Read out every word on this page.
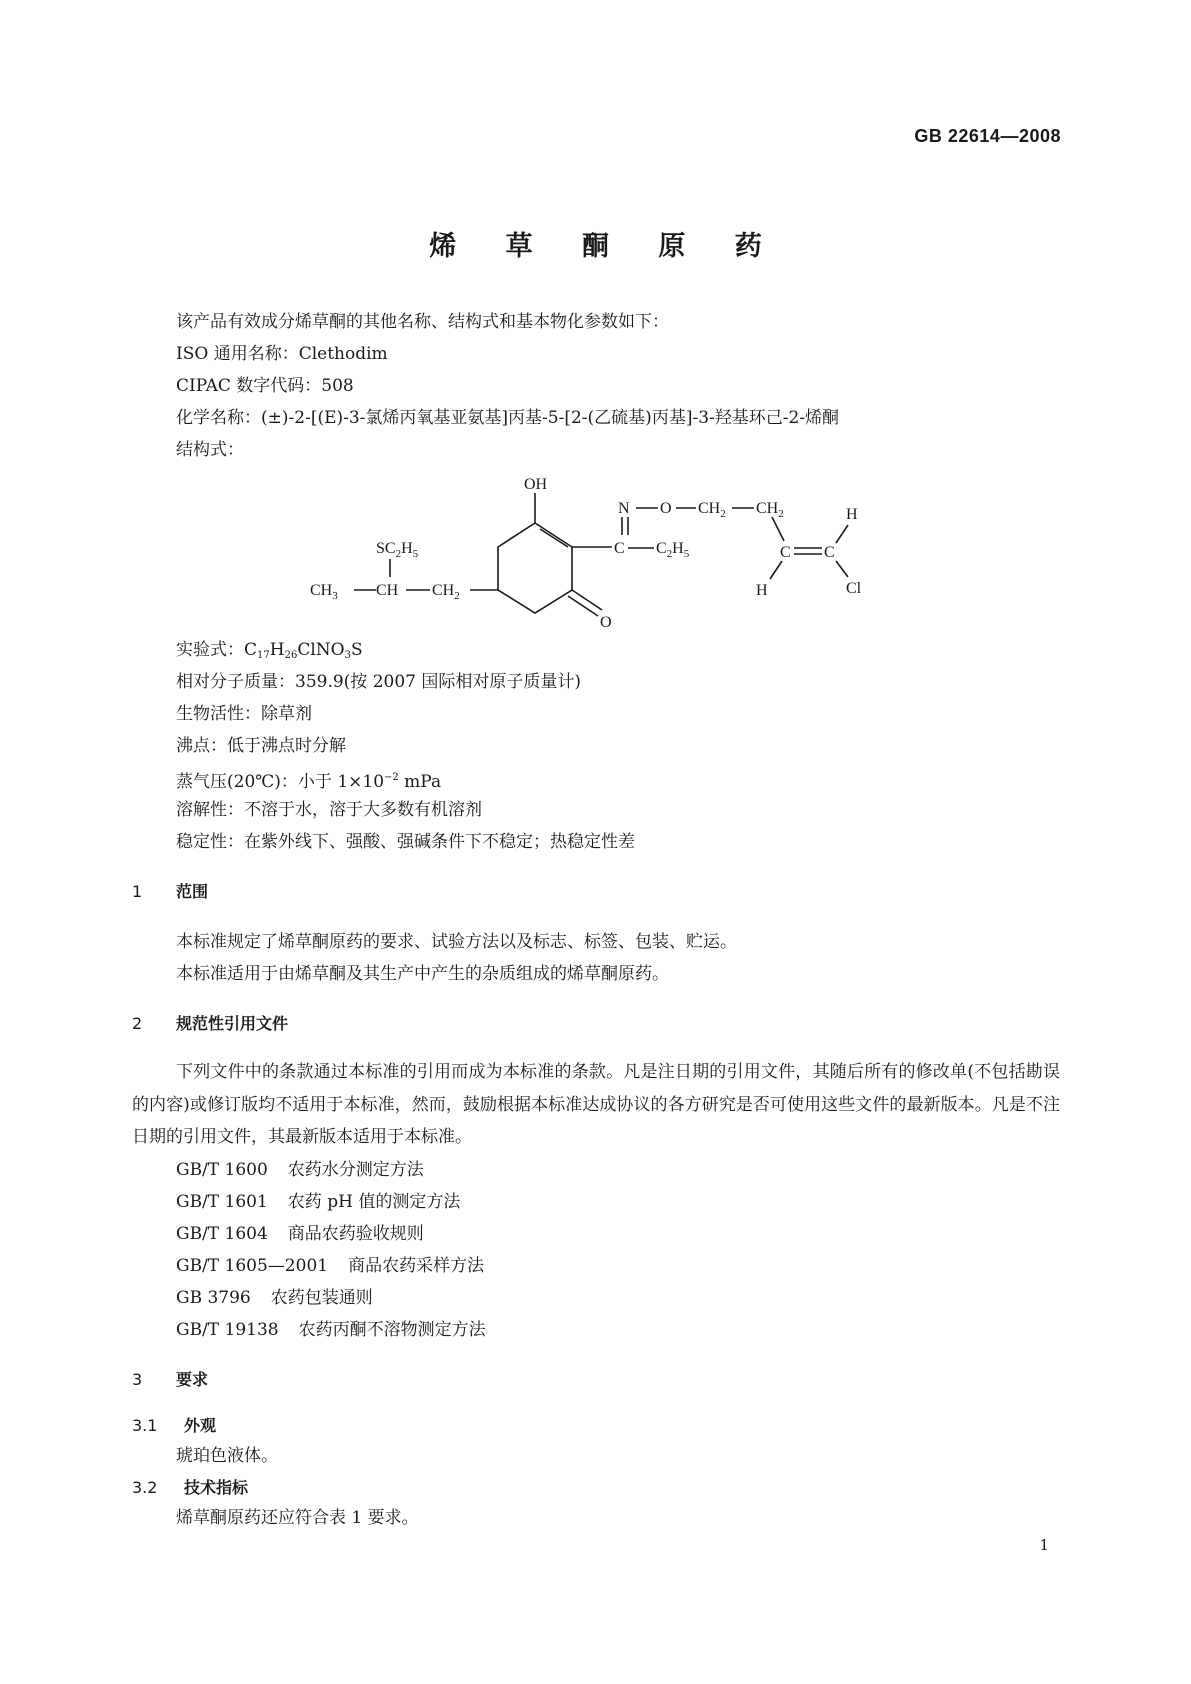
GB 22614—2008
烯 草 酮 原 药
该产品有效成分烯草酮的其他名称、结构式和基本物化参数如下：
ISO 通用名称：Clethodim
CIPAC 数字代码：508
化学名称：(±)-2-[(E)-3-氯烯丙氧基亚氨基]丙基-5-[2-(乙硫基)丙基]-3-羟基环己-2-烯酮
结构式：
OH
O
C
N O $CH_2$ $CH_2$
C C
H
Cl
H
$C_2H_5$
$CH_2$
CH
$CH_3$
$SC_2H_5$
实验式：$C_{17}H_{26}ClNO_3S$
相对分子质量：359.9(按 2007 国际相对原子质量计)
生物活性：除草剂
沸点：低于沸点时分解
蒸气压(20℃)：小于 $1\times 10^{-2}$ mPa
溶解性：不溶于水，溶于大多数有机溶剂
稳定性：在紫外线下、强酸、强碱条件下不稳定；热稳定性差
1 范围
本标准规定了烯草酮原药的要求、试验方法以及标志、标签、包装、贮运。
本标准适用于由烯草酮及其生产中产生的杂质组成的烯草酮原药。
2 规范性引用文件
下列文件中的条款通过本标准的引用而成为本标准的条款。凡是注日期的引用文件，其随后所有的修改单(不包括勘误的内容)或修订版均不适用于本标准，然而，鼓励根据本标准达成协议的各方研究是否可使用这些文件的最新版本。凡是不注日期的引用文件，其最新版本适用于本标准。
GB/T 1600 农药水分测定方法
GB/T 1601 农药 pH 值的测定方法
GB/T 1604 商品农药验收规则
GB/T 1605—2001 商品农药采样方法
GB 3796 农药包装通则
GB/T 19138 农药丙酮不溶物测定方法
3 要求
3.1 外观
琥珀色液体。
3.2 技术指标
烯草酮原药还应符合表 1 要求。
1
